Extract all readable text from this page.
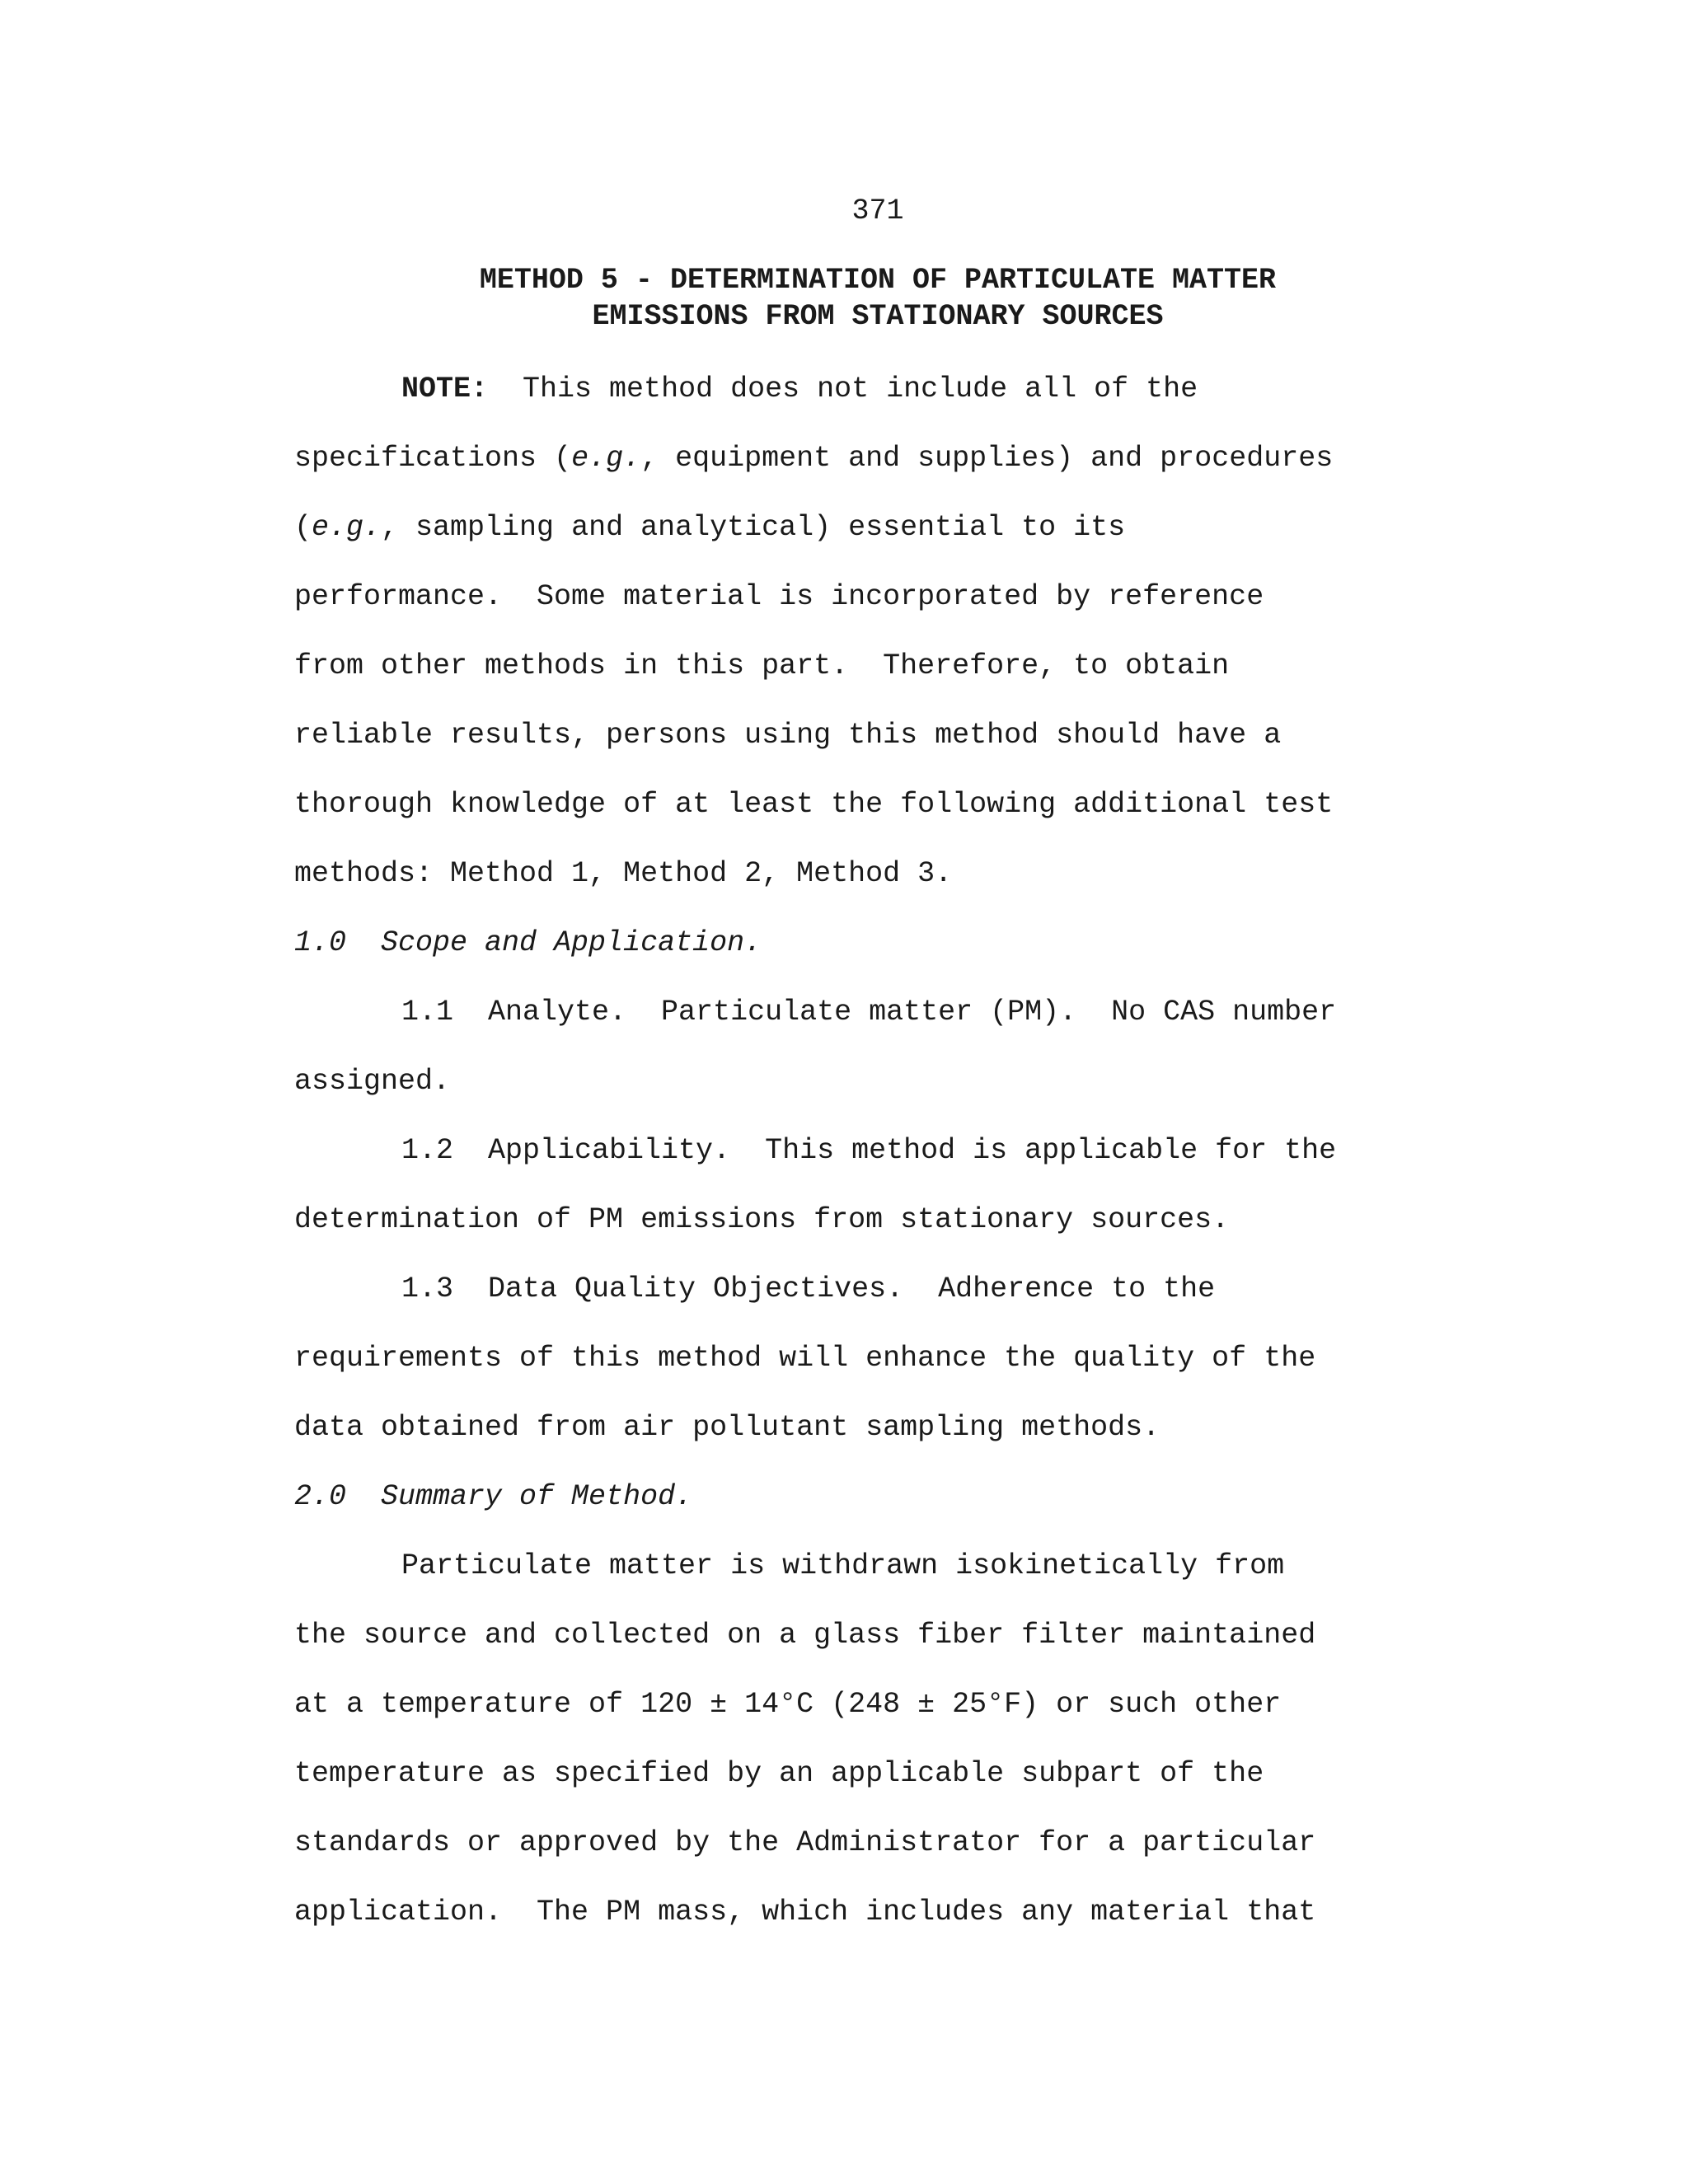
371
METHOD 5 - DETERMINATION OF PARTICULATE MATTER
EMISSIONS FROM STATIONARY SOURCES
NOTE:  This method does not include all of the
specifications (e.g., equipment and supplies) and procedures
(e.g., sampling and analytical) essential to its
performance.  Some material is incorporated by reference
from other methods in this part.  Therefore, to obtain
reliable results, persons using this method should have a
thorough knowledge of at least the following additional test
methods: Method 1, Method 2, Method 3.
1.0  Scope and Application.
1.1  Analyte.  Particulate matter (PM).  No CAS number
assigned.
1.2  Applicability.  This method is applicable for the
determination of PM emissions from stationary sources.
1.3  Data Quality Objectives.  Adherence to the
requirements of this method will enhance the quality of the
data obtained from air pollutant sampling methods.
2.0  Summary of Method.
Particulate matter is withdrawn isokinetically from
the source and collected on a glass fiber filter maintained
at a temperature of 120 ± 14°C (248 ± 25°F) or such other
temperature as specified by an applicable subpart of the
standards or approved by the Administrator for a particular
application.  The PM mass, which includes any material that
